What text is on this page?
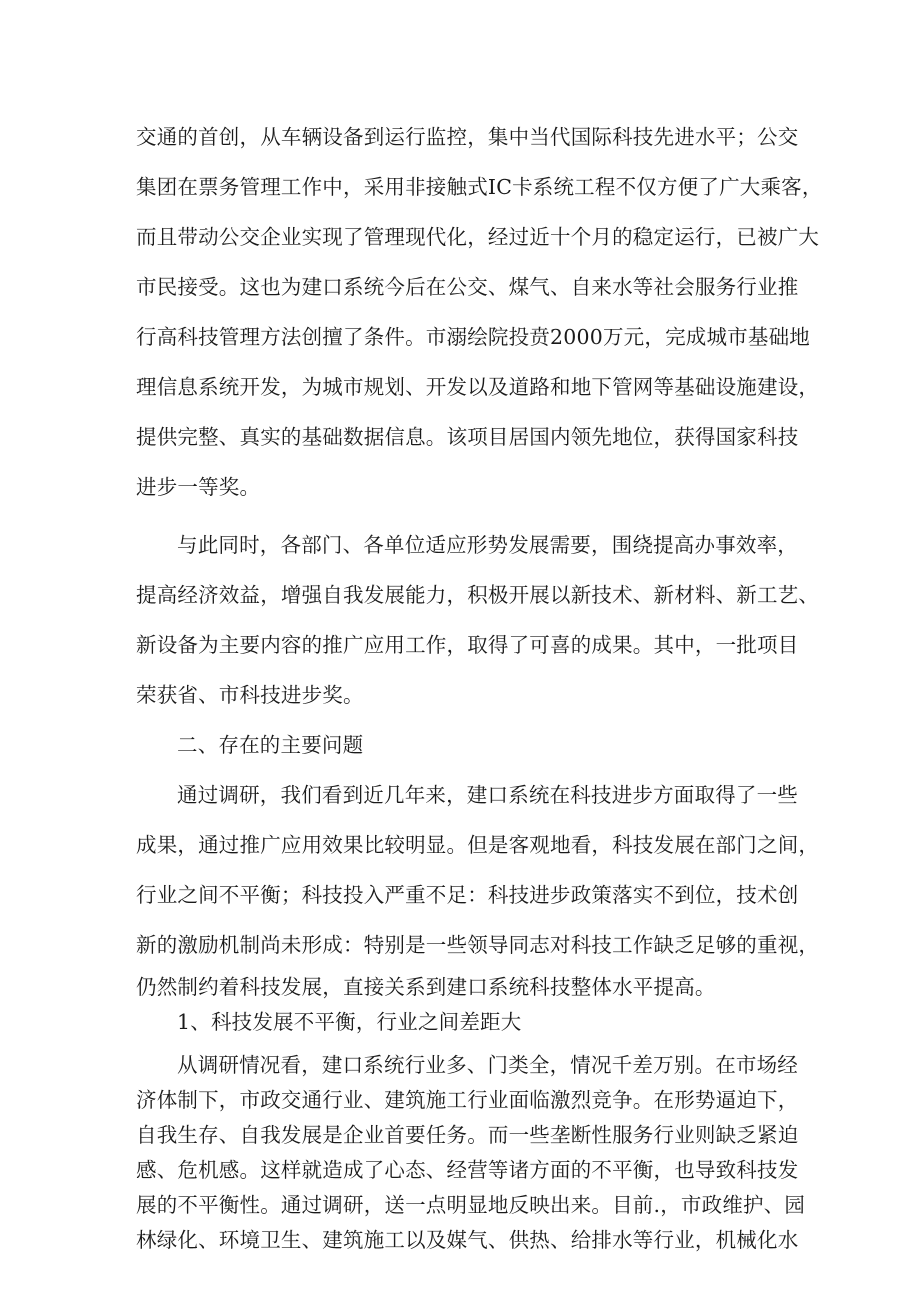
交通的首创，从车辆设备到运行监控，集中当代国际科技先进水平；公交
集团在票务管理工作中，采用非接触式IC卡系统工程不仅方便了广大乘客，
而且带动公交企业实现了管理现代化，经过近十个月的稳定运行，已被广大
市民接受。这也为建口系统今后在公交、煤气、自来水等社会服务行业推
行高科技管理方法创擅了条件。市溺绘院投贲2000万元，完成城市基础地
理信息系统开发，为城市规划、开发以及道路和地下管网等基础设施建设，
提供完整、真实的基础数据信息。该项目居国内领先地位，获得国家科技
进步一等奖。
与此同时，各部门、各单位适应形势发展需要，围绕提高办事效率，
提高经济效益，增强自我发展能力，积极开展以新技术、新材料、新工艺、
新设备为主要内容的推广应用工作，取得了可喜的成果。其中，一批项目
荣获省、市科技进步奖。
二、存在的主要问题
通过调研，我们看到近几年来，建口系统在科技进步方面取得了一些
成果，通过推广应用效果比较明显。但是客观地看，科技发展在部门之间，
行业之间不平衡；科技投入严重不足：科技进步政策落实不到位，技术创
新的激励机制尚未形成：特别是一些领导同志对科技工作缺乏足够的重视，
仍然制约着科技发展，直接关系到建口系统科技整体水平提高。
1、科技发展不平衡，行业之间差距大
从调研情况看，建口系统行业多、门类全，情况千差万别。在市场经
济体制下，市政交通行业、建筑施工行业面临激烈竞争。在形势逼迫下，
自我生存、自我发展是企业首要任务。而一些垄断性服务行业则缺乏紧迫
感、危机感。这样就造成了心态、经营等诸方面的不平衡，也导致科技发
展的不平衡性。通过调研，送一点明显地反映出来。目前.，市政维护、园
林绿化、环境卫生、建筑施工以及媒气、供热、给排水等行业，机械化水
